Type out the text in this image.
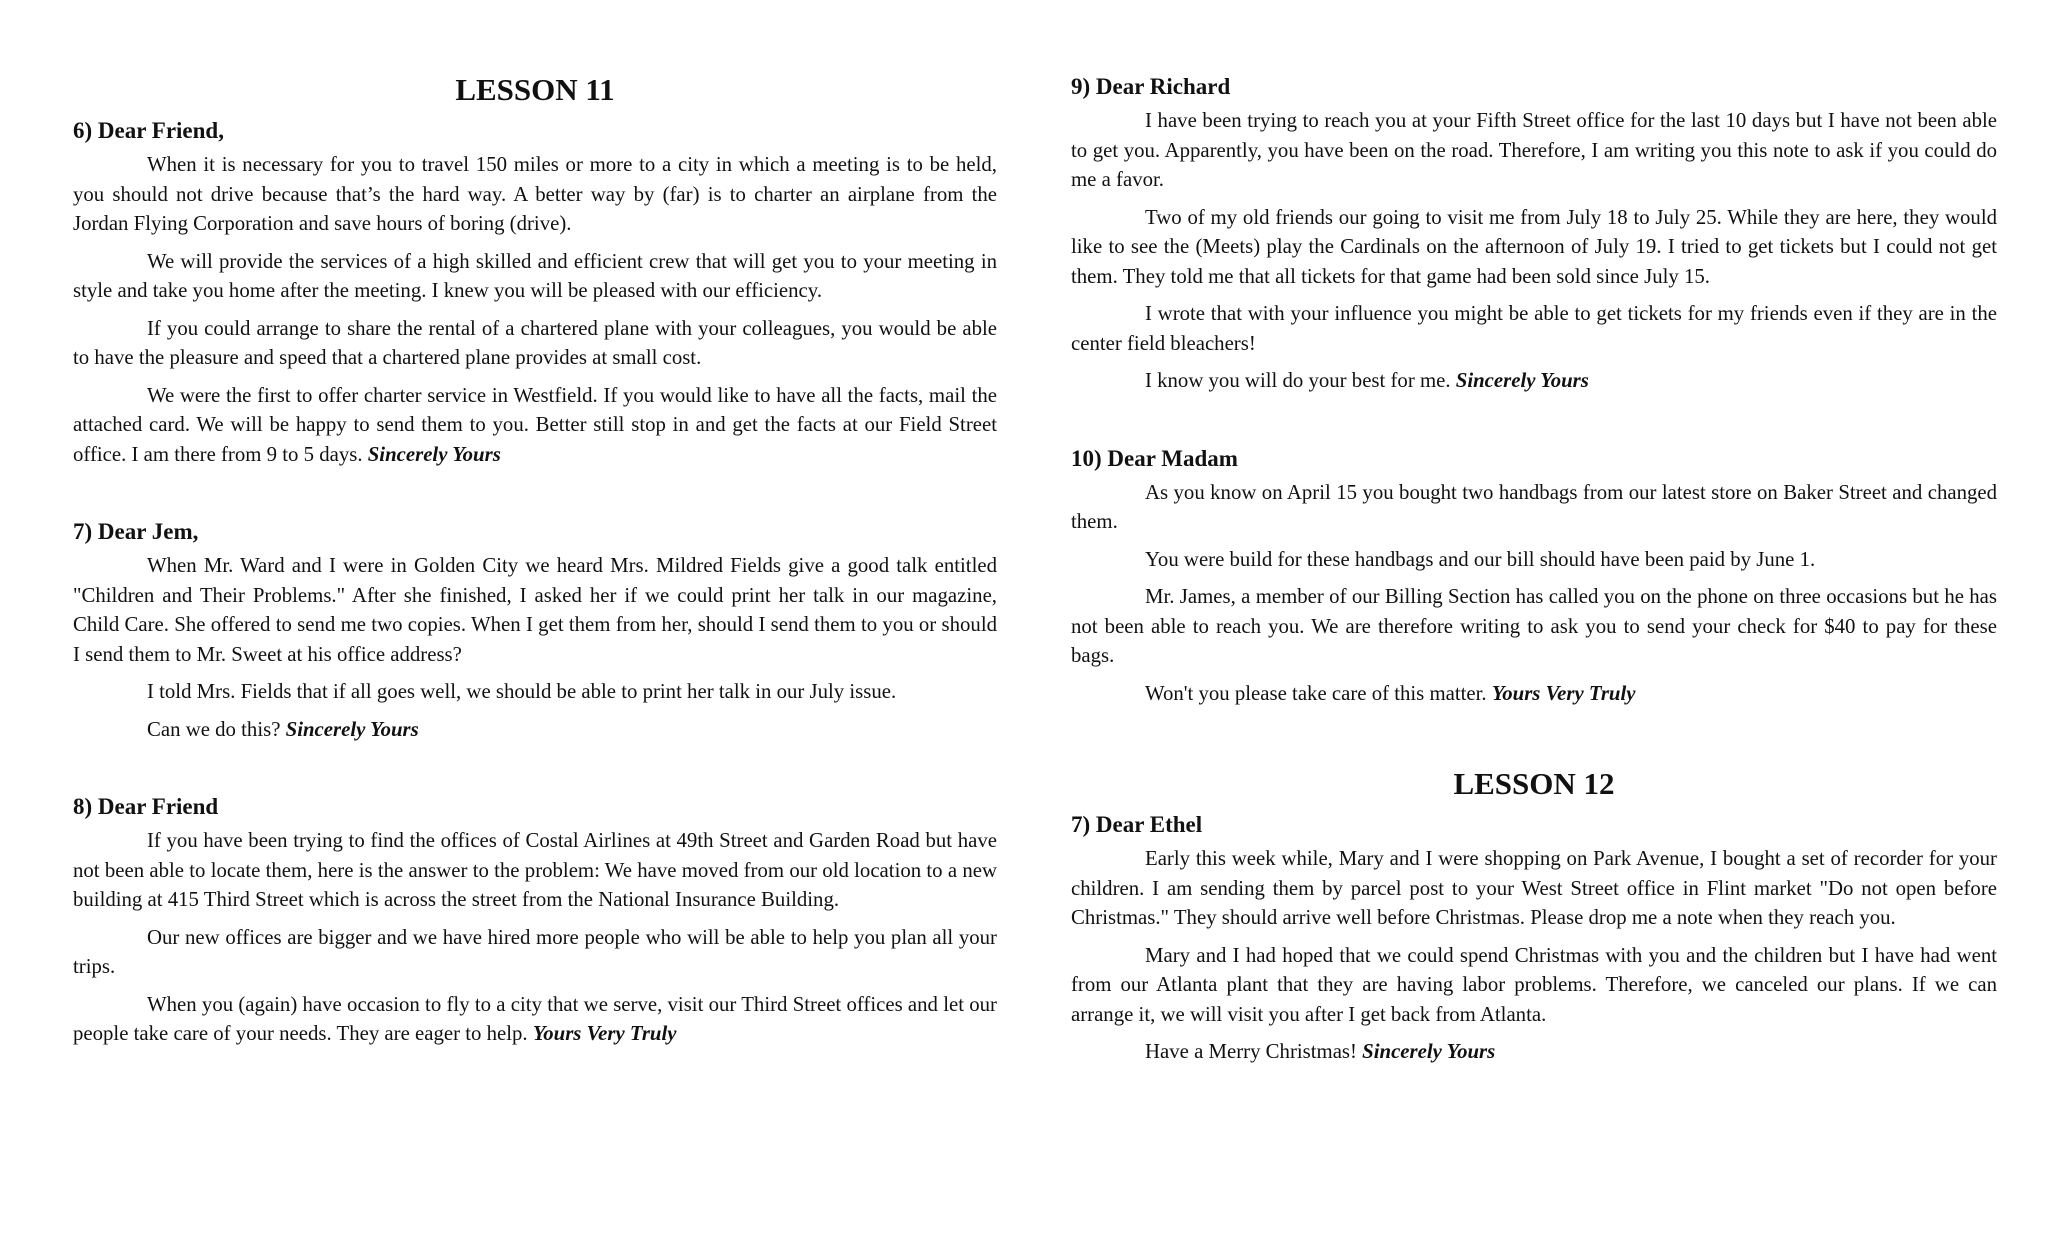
LESSON 11
6) Dear Friend,

When it is necessary for you to travel 150 miles or more to a city in which a meeting is to be held, you should not drive because that’s the hard way. A better way by (far) is to charter an airplane from the Jordan Flying Corporation and save hours of boring (drive).

We will provide the services of a high skilled and efficient crew that will get you to your meeting in style and take you home after the meeting. I knew you will be pleased with our efficiency.

If you could arrange to share the rental of a chartered plane with your colleagues, you would be able to have the pleasure and speed that a chartered plane provides at small cost.

We were the first to offer charter service in Westfield. If you would like to have all the facts, mail the attached card. We will be happy to send them to you. Better still stop in and get the facts at our Field Street office. I am there from 9 to 5 days. Sincerely Yours

7) Dear Jem,

When Mr. Ward and I were in Golden City we heard Mrs. Mildred Fields give a good talk entitled "Children and Their Problems." After she finished, I asked her if we could print her talk in our magazine, Child Care. She offered to send me two copies. When I get them from her, should I send them to you or should I send them to Mr. Sweet at his office address?

I told Mrs. Fields that if all goes well, we should be able to print her talk in our July issue.

Can we do this? Sincerely Yours

8) Dear Friend

If you have been trying to find the offices of Costal Airlines at 49th Street and Garden Road but have not been able to locate them, here is the answer to the problem: We have moved from our old location to a new building at 415 Third Street which is across the street from the National Insurance Building.

Our new offices are bigger and we have hired more people who will be able to help you plan all your trips.

When you (again) have occasion to fly to a city that we serve, visit our Third Street offices and let our people take care of your needs. They are eager to help. Yours Very Truly

9) Dear Richard

I have been trying to reach you at your Fifth Street office for the last 10 days but I have not been able to get you. Apparently, you have been on the road. Therefore, I am writing you this note to ask if you could do me a favor.

Two of my old friends our going to visit me from July 18 to July 25. While they are here, they would like to see the (Meets) play the Cardinals on the afternoon of July 19. I tried to get tickets but I could not get them. They told me that all tickets for that game had been sold since July 15.

I wrote that with your influence you might be able to get tickets for my friends even if they are in the center field bleachers!

I know you will do your best for me. Sincerely Yours

10) Dear Madam

As you know on April 15 you bought two handbags from our latest store on Baker Street and changed them.

You were build for these handbags and our bill should have been paid by June 1.

Mr. James, a member of our Billing Section has called you on the phone on three occasions but he has not been able to reach you. We are therefore writing to ask you to send your check for $40 to pay for these bags.

Won't you please take care of this matter. Yours Very Truly

LESSON 12
7) Dear Ethel

Early this week while, Mary and I were shopping on Park Avenue, I bought a set of recorder for your children. I am sending them by parcel post to your West Street office in Flint market "Do not open before Christmas." They should arrive well before Christmas. Please drop me a note when they reach you.

Mary and I had hoped that we could spend Christmas with you and the children but I have had went from our Atlanta plant that they are having labor problems. Therefore, we canceled our plans. If we can arrange it, we will visit you after I get back from Atlanta.

Have a Merry Christmas! Sincerely Yours
